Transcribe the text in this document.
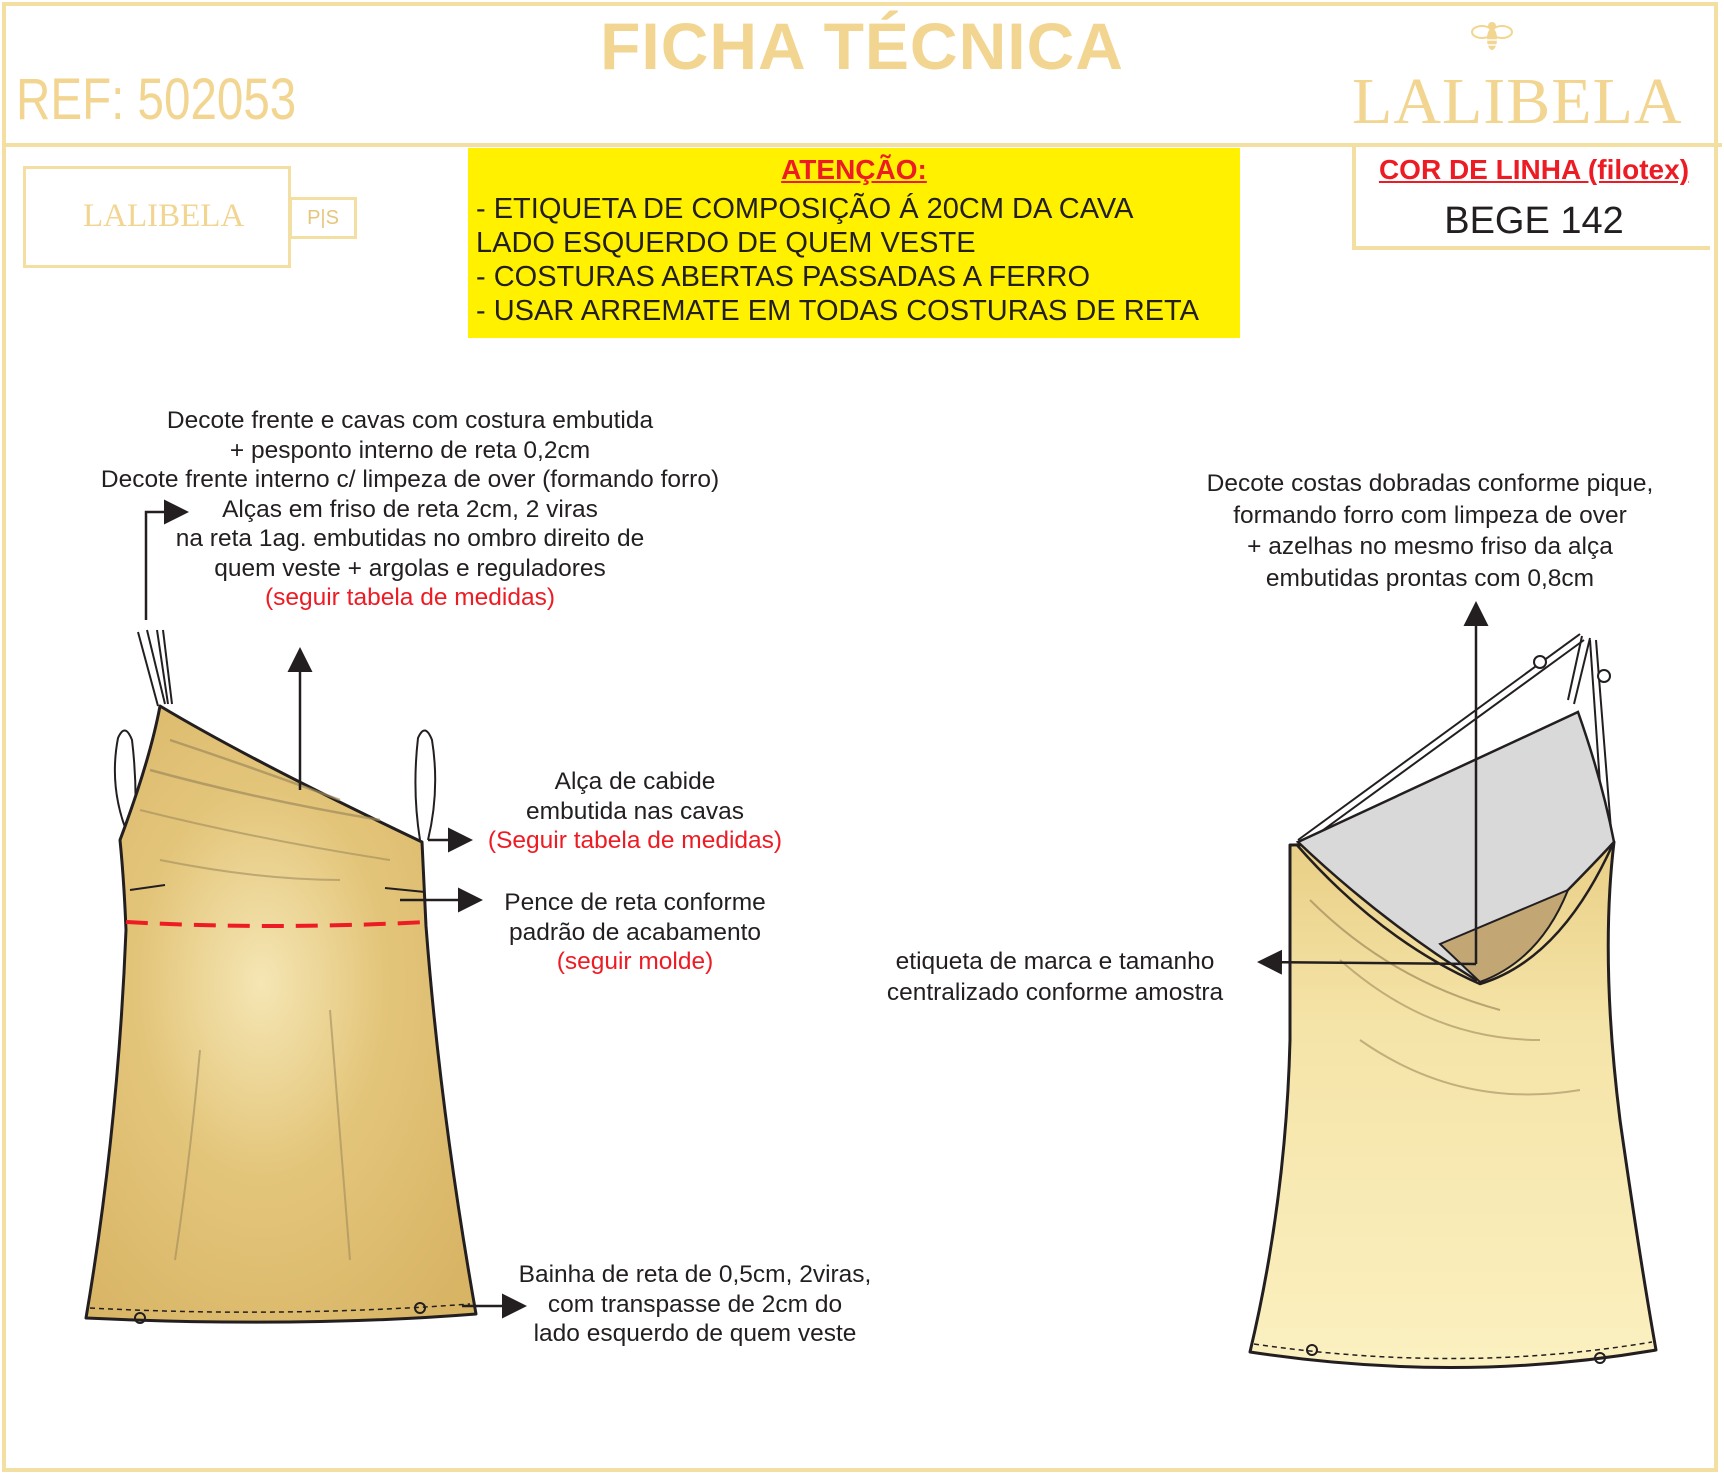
FICHA TÉCNICA
REF: 502053	LALIBELA
LALIBELA	P|S
ATENÇÃO:
- ETIQUETA DE COMPOSIÇÃO Á 20CM DA CAVA
LADO ESQUERDO DE QUEM VESTE
- COSTURAS ABERTAS PASSADAS A FERRO
- USAR ARREMATE EM TODAS COSTURAS DE RETA
COR DE LINHA (filotex)
BEGE 142
Decote frente e cavas com costura embutida
+ pesponto interno de reta 0,2cm
Decote frente interno c/ limpeza de over (formando forro)
Alças em friso de reta 2cm, 2 viras
na reta 1ag. embutidas no ombro direito de
quem veste + argolas e reguladores
(seguir tabela de medidas)
Alça de cabide
embutida nas cavas
(Seguir tabela de medidas)
Pence de reta conforme
padrão de acabamento
(seguir molde)
Bainha de reta de 0,5cm, 2viras,
com transpasse de 2cm do
lado esquerdo de quem veste
Decote costas dobradas conforme pique,
formando forro com limpeza de over
+ azelhas no mesmo friso da alça
embutidas prontas com 0,8cm
etiqueta de marca e tamanho
centralizado conforme amostra
